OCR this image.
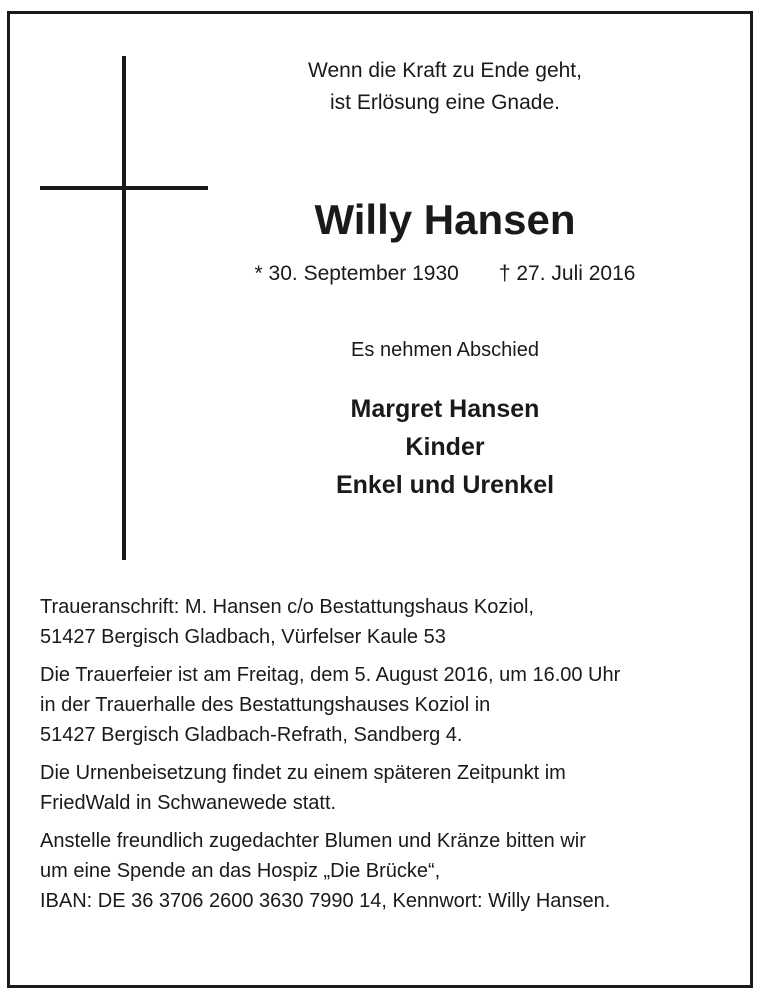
Wenn die Kraft zu Ende geht,
ist Erlösung eine Gnade.
Willy Hansen
* 30. September 1930 † 27. Juli 2016
Es nehmen Abschied
Margret Hansen
Kinder
Enkel und Urenkel

Traueranschrift: M. Hansen c/o Bestattungshaus Koziol,
51427 Bergisch Gladbach, Vürfelser Kaule 53

Die Trauerfeier ist am Freitag, dem 5. August 2016, um 16.00 Uhr
in der Trauerhalle des Bestattungshauses Koziol in
51427 Bergisch Gladbach-Refrath, Sandberg 4.

Die Urnenbeisetzung findet zu einem späteren Zeitpunkt im
FriedWald in Schwanewede statt.

Anstelle freundlich zugedachter Blumen und Kränze bitten wir
um eine Spende an das Hospiz „Die Brücke“,
IBAN: DE 36 3706 2600 3630 7990 14, Kennwort: Willy Hansen.
